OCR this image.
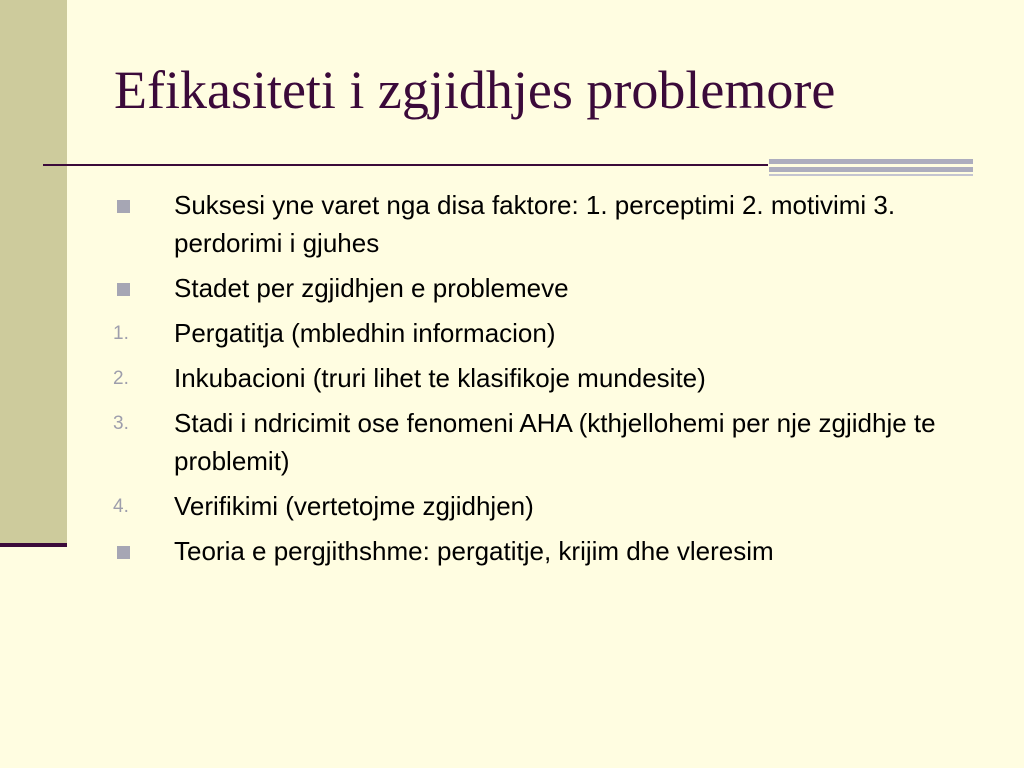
Efikasiteti i zgjidhjes problemore
Suksesi yne varet nga disa faktore: 1. perceptimi 2. motivimi 3. perdorimi i gjuhes
Stadet per zgjidhjen e problemeve
1. Pergatitja (mbledhin informacion)
2. Inkubacioni (truri lihet te klasifikoje mundesite)
3. Stadi i ndricimit ose fenomeni AHA (kthjellohemi per nje zgjidhje te problemit)
4. Verifikimi (vertetojme zgjidhjen)
Teoria e pergjithshme: pergatitje, krijim dhe vleresim
